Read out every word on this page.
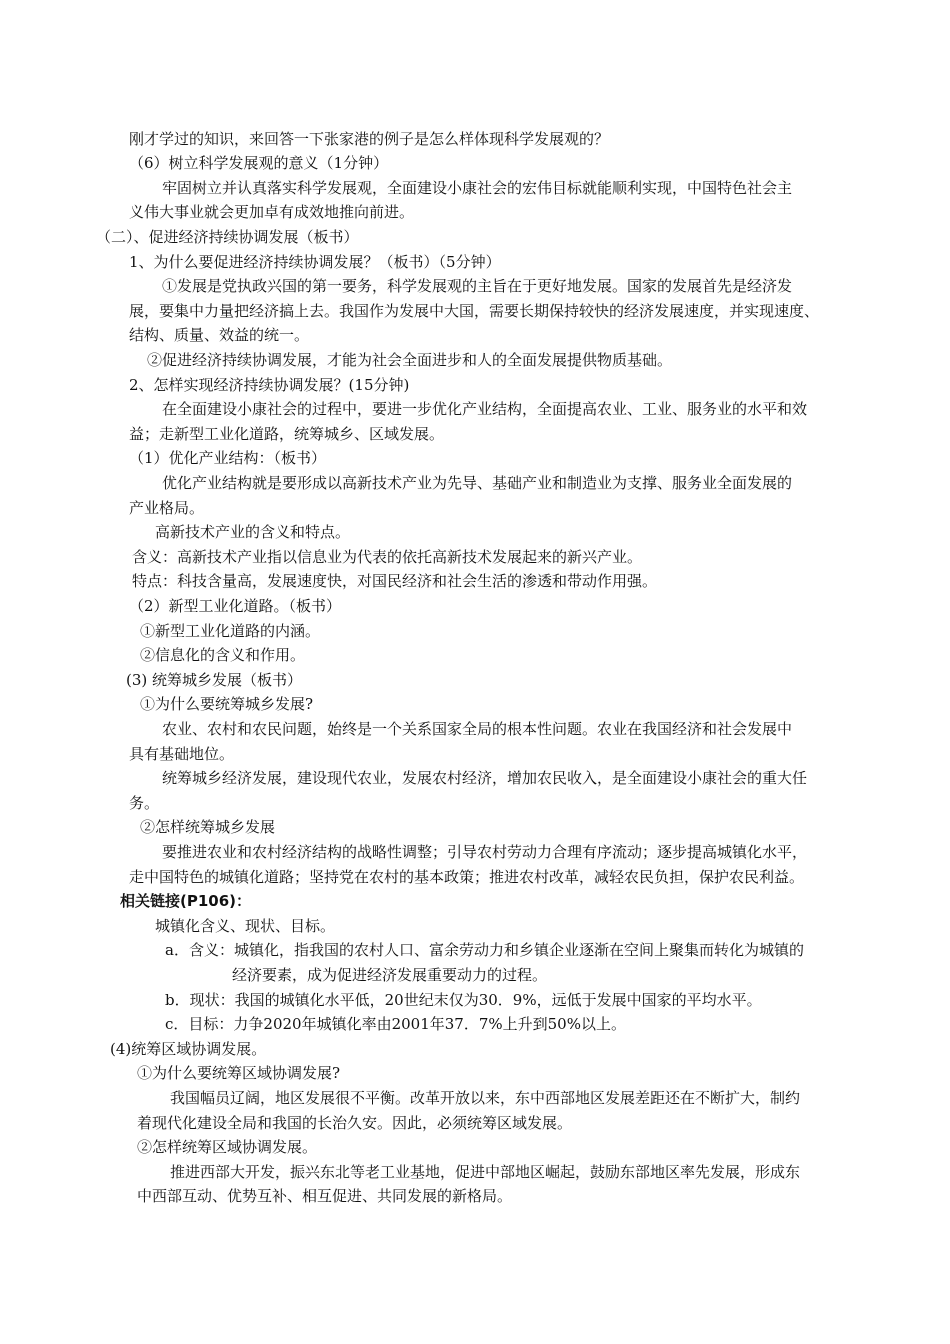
刚才学过的知识，来回答一下张家港的例子是怎么样体现科学发展观的？
（6）树立科学发展观的意义（1分钟）
牢固树立并认真落实科学发展观，全面建设小康社会的宏伟目标就能顺利实现，中国特色社会主
义伟大事业就会更加卓有成效地推向前进。
（二）、促进经济持续协调发展（板书）
1、为什么要促进经济持续协调发展？（板书）（5分钟）
①发展是党执政兴国的第一要务，科学发展观的主旨在于更好地发展。国家的发展首先是经济发
展，要集中力量把经济搞上去。我国作为发展中大国，需要长期保持较快的经济发展速度，并实现速度、
结构、质量、效益的统一。
②促进经济持续协调发展，才能为社会全面进步和人的全面发展提供物质基础。
2、怎样实现经济持续协调发展？(15分钟)
在全面建设小康社会的过程中，要进一步优化产业结构，全面提高农业、工业、服务业的水平和效
益；走新型工业化道路，统筹城乡、区域发展。
（1）优化产业结构：（板书）
优化产业结构就是要形成以高新技术产业为先导、基础产业和制造业为支撑、服务业全面发展的
产业格局。
高新技术产业的含义和特点。
含义：高新技术产业指以信息业为代表的依托高新技术发展起来的新兴产业。
特点：科技含量高，发展速度快，对国民经济和社会生活的渗透和带动作用强。
（2）新型工业化道路。（板书）
①新型工业化道路的内涵。
②信息化的含义和作用。
(3) 统筹城乡发展（板书）
①为什么要统筹城乡发展?
农业、农村和农民问题，始终是一个关系国家全局的根本性问题。农业在我国经济和社会发展中
具有基础地位。
统筹城乡经济发展，建设现代农业，发展农村经济，增加农民收入，是全面建设小康社会的重大任
务。
②怎样统筹城乡发展
要推进农业和农村经济结构的战略性调整；引导农村劳动力合理有序流动；逐步提高城镇化水平，
走中国特色的城镇化道路；坚持党在农村的基本政策；推进农村改革，减轻农民负担，保护农民利益。
相关链接(P106)：
城镇化含义、现状、目标。
a．含义：城镇化，指我国的农村人口、富余劳动力和乡镇企业逐渐在空间上聚集而转化为城镇的
经济要素，成为促进经济发展重要动力的过程。
b．现状：我国的城镇化水平低，20世纪末仅为30．9%，远低于发展中国家的平均水平。
c．目标：力争2020年城镇化率由2001年37．7%上升到50%以上。
(4)统筹区域协调发展。
①为什么要统筹区域协调发展?
我国幅员辽阔，地区发展很不平衡。改革开放以来，东中西部地区发展差距还在不断扩大，制约
着现代化建设全局和我国的长治久安。因此，必须统筹区域发展。
②怎样统筹区域协调发展。
推进西部大开发，振兴东北等老工业基地，促进中部地区崛起，鼓励东部地区率先发展，形成东
中西部互动、优势互补、相互促进、共同发展的新格局。
